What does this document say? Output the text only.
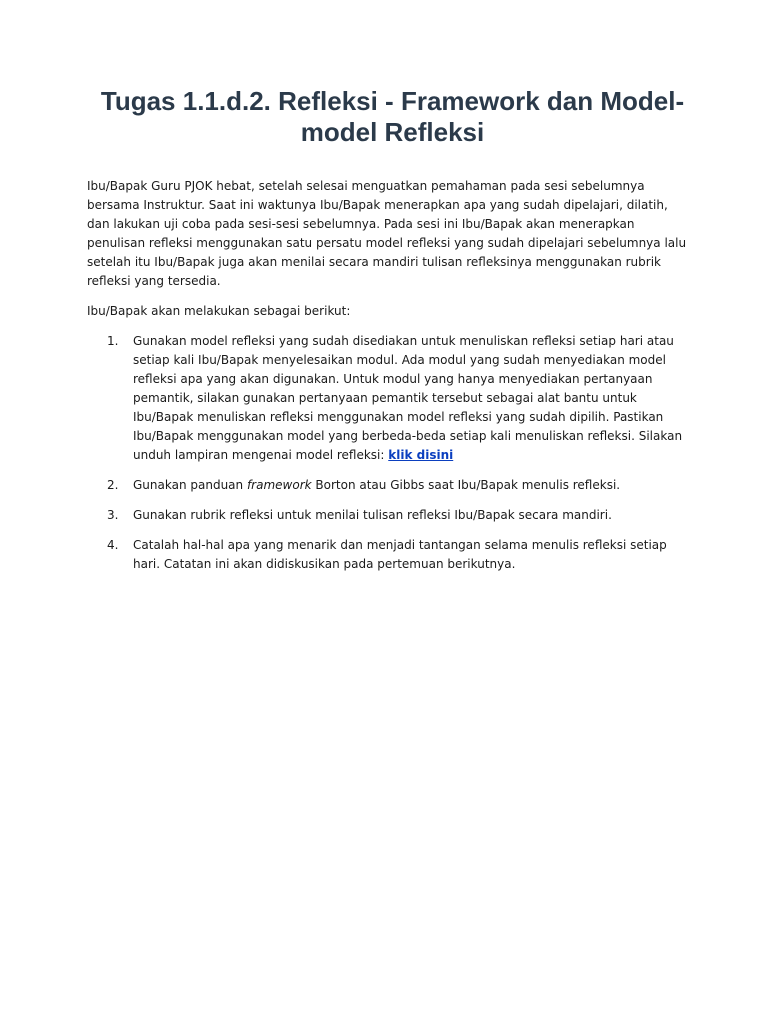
Tugas 1.1.d.2. Refleksi - Framework dan Model-model Refleksi

Ibu/Bapak Guru PJOK hebat, setelah selesai menguatkan pemahaman pada sesi sebelumnya bersama Instruktur. Saat ini waktunya Ibu/Bapak menerapkan apa yang sudah dipelajari, dilatih, dan lakukan uji coba pada sesi-sesi sebelumnya. Pada sesi ini Ibu/Bapak akan menerapkan penulisan refleksi menggunakan satu persatu model refleksi yang sudah dipelajari sebelumnya lalu setelah itu Ibu/Bapak juga akan menilai secara mandiri tulisan refleksinya menggunakan rubrik refleksi yang tersedia.

Ibu/Bapak akan melakukan sebagai berikut:

1. Gunakan model refleksi yang sudah disediakan untuk menuliskan refleksi setiap hari atau setiap kali Ibu/Bapak menyelesaikan modul. Ada modul yang sudah menyediakan model refleksi apa yang akan digunakan. Untuk modul yang hanya menyediakan pertanyaan pemantik, silakan gunakan pertanyaan pemantik tersebut sebagai alat bantu untuk Ibu/Bapak menuliskan refleksi menggunakan model refleksi yang sudah dipilih. Pastikan Ibu/Bapak menggunakan model yang berbeda-beda setiap kali menuliskan refleksi. Silakan unduh lampiran mengenai model refleksi: klik disini
2. Gunakan panduan framework Borton atau Gibbs saat Ibu/Bapak menulis refleksi.
3. Gunakan rubrik refleksi untuk menilai tulisan refleksi Ibu/Bapak secara mandiri.
4. Catalah hal-hal apa yang menarik dan menjadi tantangan selama menulis refleksi setiap hari. Catatan ini akan didiskusikan pada pertemuan berikutnya.
